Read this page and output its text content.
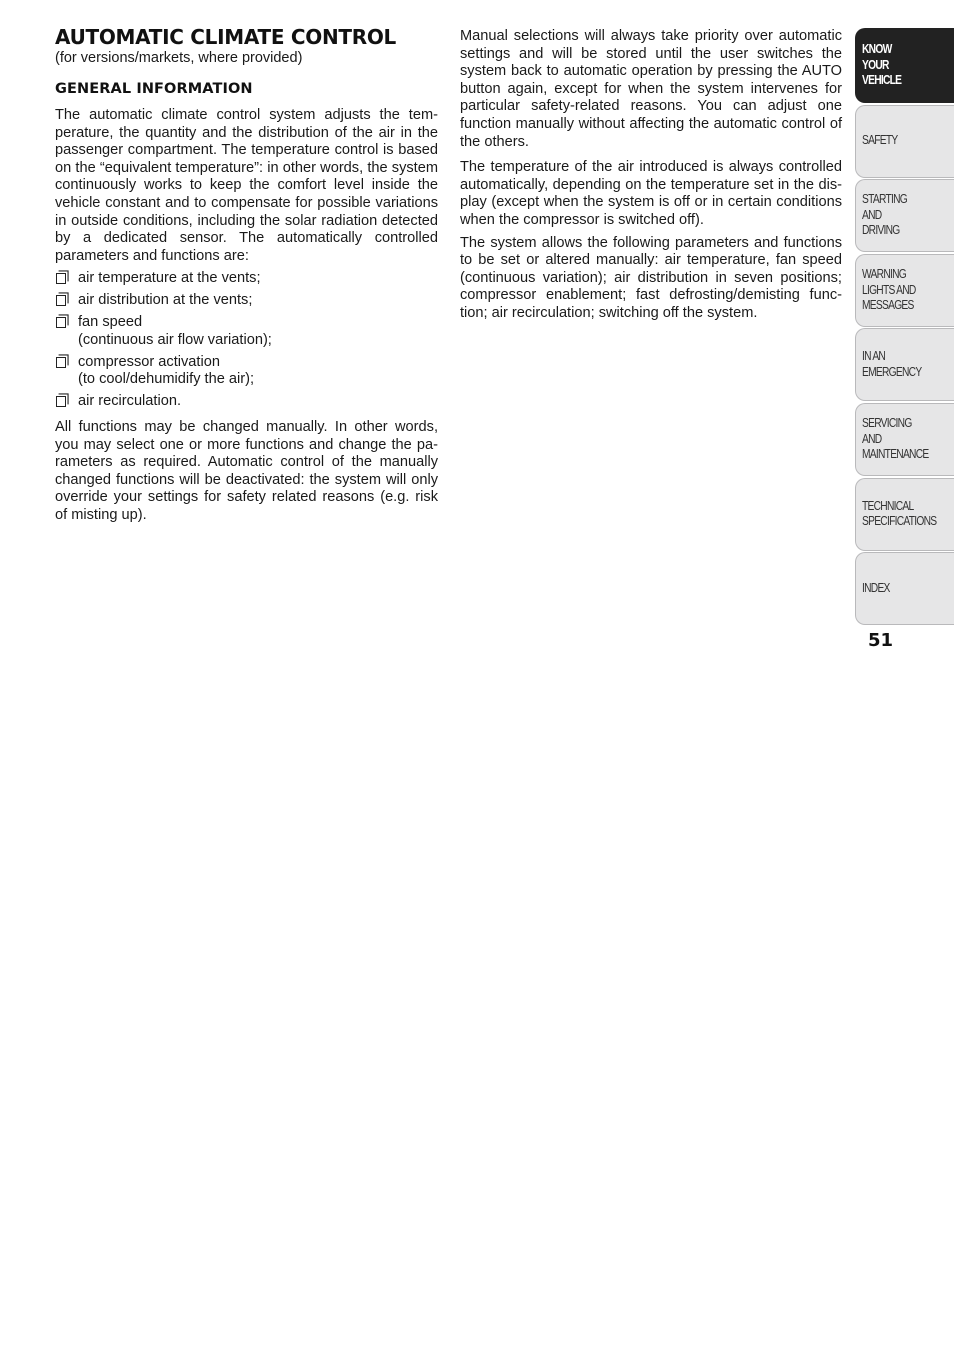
AUTOMATIC CLIMATE CONTROL

(for versions/markets, where provided)

GENERAL INFORMATION

The automatic climate control system adjusts the temperature, the quantity and the distribution of the air in the passenger compartment. The temperature control is based on the “equivalent temperature”: in other words, the system continuously works to keep the comfort level inside the vehicle constant and to compensate for possible variations in outside conditions, including the solar radiation detected by a dedicated sensor. The automatically controlled parameters and functions are:

air temperature at the vents;
air distribution at the vents;
fan speed
(continuous air flow variation);
compressor activation
(to cool/dehumidify the air);
air recirculation.

All functions may be changed manually. In other words, you may select one or more functions and change the parameters as required. Automatic control of the manually changed functions will be deactivated: the system will only override your settings for safety related reasons (e.g. risk of misting up).

Manual selections will always take priority over automatic settings and will be stored until the user switches the system back to automatic operation by pressing the AUTO button again, except for when the system intervenes for particular safety-related reasons. You can adjust one function manually without affecting the automatic control of the others.

The temperature of the air introduced is always controlled automatically, depending on the temperature set in the display (except when the system is off or in certain conditions when the compressor is switched off).

The system allows the following parameters and functions to be set or altered manually: air temperature, fan speed (continuous variation); air distribution in seven positions; compressor enablement; fast defrosting/demisting function; air recirculation; switching off the system.

KNOW
YOUR
VEHICLE
SAFETY
STARTING
AND
DRIVING
WARNING
LIGHTS AND
MESSAGES
IN AN
EMERGENCY
SERVICING
AND
MAINTENANCE
TECHNICAL
SPECIFICATIONS
INDEX
51
